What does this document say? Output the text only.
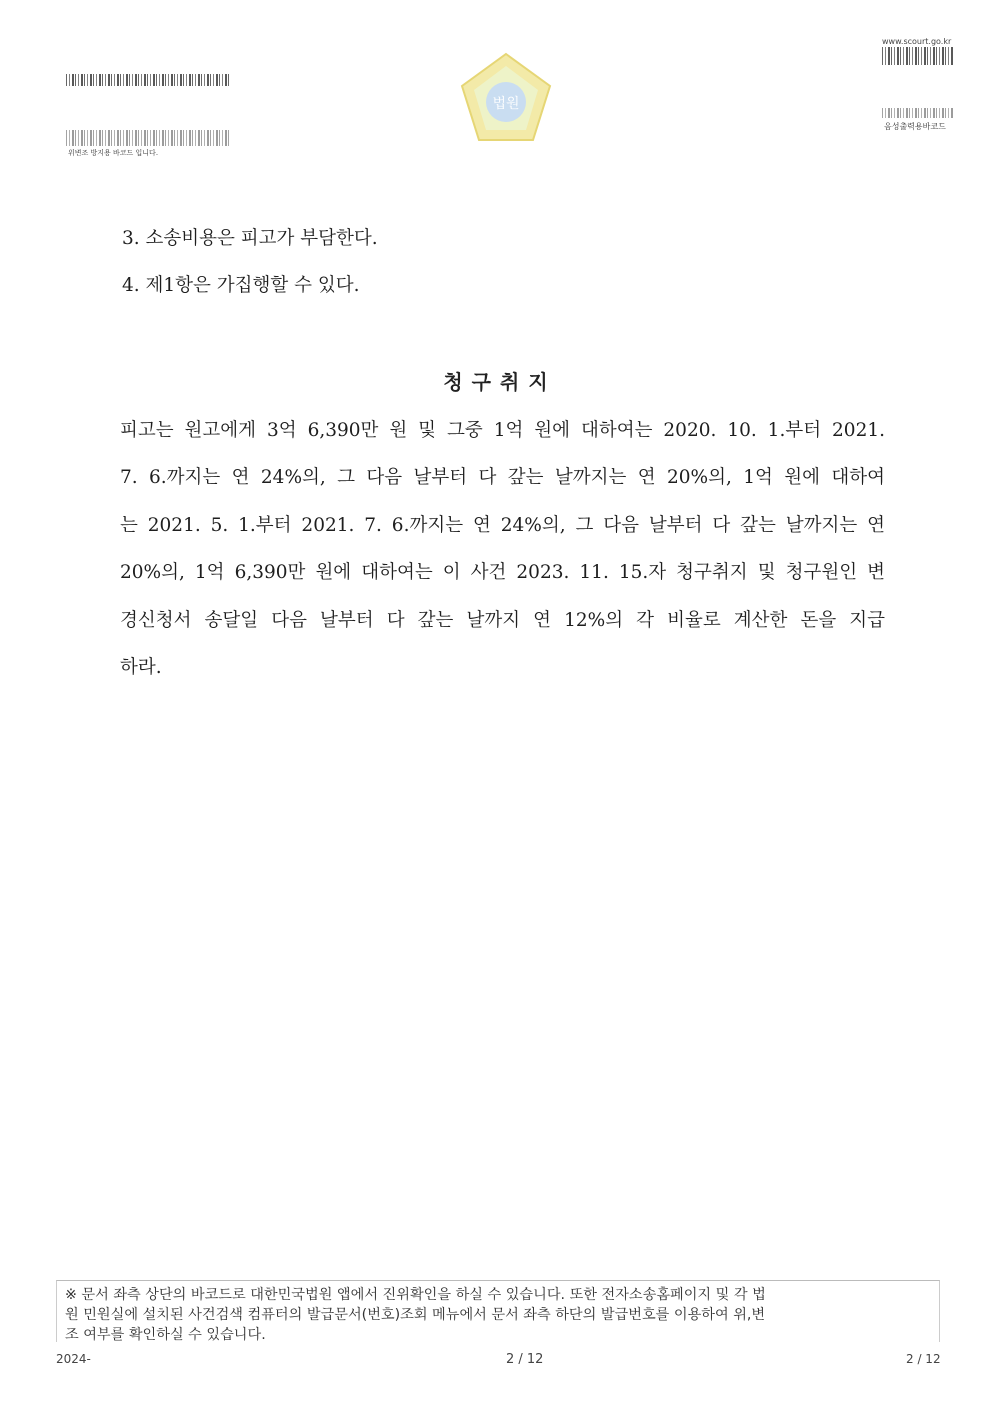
위변조 방지용 바코드 입니다.
법원
www.scourt.go.kr
음성출력용바코드
3. 소송비용은 피고가 부담한다.
4. 제1항은 가집행할 수 있다.
청구취지
피고는 원고에게 3억 6,390만 원 및 그중 1억 원에 대하여는 2020. 10. 1.부터 2021.
7. 6.까지는 연 24%의, 그 다음 날부터 다 갚는 날까지는 연 20%의, 1억 원에 대하여
는 2021. 5. 1.부터 2021. 7. 6.까지는 연 24%의, 그 다음 날부터 다 갚는 날까지는 연
20%의, 1억 6,390만 원에 대하여는 이 사건 2023. 11. 15.자 청구취지 및 청구원인 변
경신청서 송달일 다음 날부터 다 갚는 날까지 연 12%의 각 비율로 계산한 돈을 지급
하라.
※ 문서 좌측 상단의 바코드로 대한민국법원 앱에서 진위확인을 하실 수 있습니다. 또한 전자소송홈페이지 및 각 법
원 민원실에 설치된 사건검색 컴퓨터의 발급문서(번호)조회 메뉴에서 문서 좌측 하단의 발급번호를 이용하여 위,변
조 여부를 확인하실 수 있습니다.
2024-	2 / 12	2 / 12
